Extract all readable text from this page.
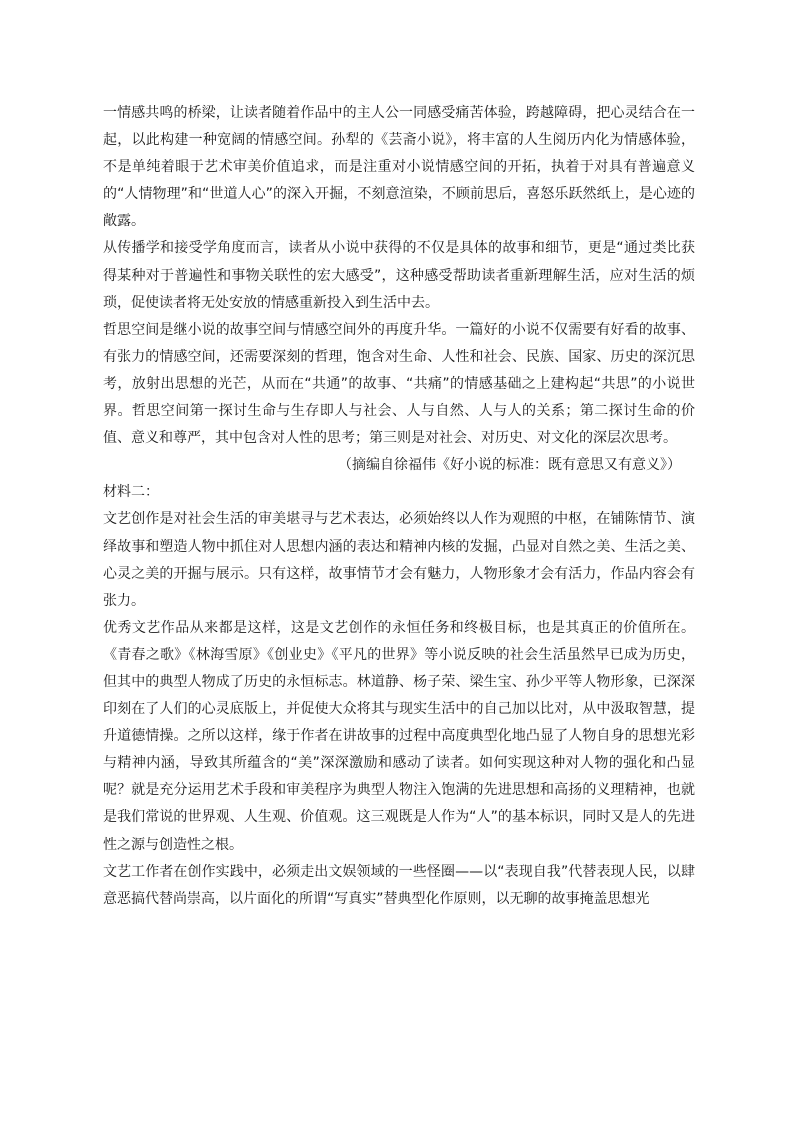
一情感共鸣的桥梁，让读者随着作品中的主人公一同感受痛苦体验，跨越障碍，把心灵结合在一起，以此构建一种宽阔的情感空间。孙犁的《芸斋小说》，将丰富的人生阅历内化为情感体验，不是单纯着眼于艺术审美价值追求，而是注重对小说情感空间的开拓，执着于对具有普遍意义的“人情物理”和“世道人心”的深入开掘，不刻意渲染，不顾前思后，喜怒乐跃然纸上，是心迹的敞露。

从传播学和接受学角度而言，读者从小说中获得的不仅是具体的故事和细节，更是“通过类比获得某种对于普遍性和事物关联性的宏大感受”，这种感受帮助读者重新理解生活，应对生活的烦琐，促使读者将无处安放的情感重新投入到生活中去。

哲思空间是继小说的故事空间与情感空间外的再度升华。一篇好的小说不仅需要有好看的故事、有张力的情感空间，还需要深刻的哲理，饱含对生命、人性和社会、民族、国家、历史的深沉思考，放射出思想的光芒，从而在“共通”的故事、“共痛”的情感基础之上建构起“共思”的小说世界。哲思空间第一探讨生命与生存即人与社会、人与自然、人与人的关系；第二探讨生命的价值、意义和尊严，其中包含对人性的思考；第三则是对社会、对历史、对文化的深层次思考。

（摘编自徐福伟《好小说的标准：既有意思又有意义》）

材料二：

文艺创作是对社会生活的审美堪寻与艺术表达，必须始终以人作为观照的中枢，在铺陈情节、演绎故事和塑造人物中抓住对人思想内涵的表达和精神内核的发掘，凸显对自然之美、生活之美、心灵之美的开掘与展示。只有这样，故事情节才会有魅力，人物形象才会有活力，作品内容会有张力。

优秀文艺作品从来都是这样，这是文艺创作的永恒任务和终极目标，也是其真正的价值所在。《青春之歌》《林海雪原》《创业史》《平凡的世界》等小说反映的社会生活虽然早已成为历史，但其中的典型人物成了历史的永恒标志。林道静、杨子荣、梁生宝、孙少平等人物形象，已深深印刻在了人们的心灵底版上，并促使大众将其与现实生活中的自己加以比对，从中汲取智慧，提升道德情操。之所以这样，缘于作者在讲故事的过程中高度典型化地凸显了人物自身的思想光彩与精神内涵，导致其所蕴含的“美”深深激励和感动了读者。如何实现这种对人物的强化和凸显呢？就是充分运用艺术手段和审美程序为典型人物注入饱满的先进思想和高扬的义理精神，也就是我们常说的世界观、人生观、价值观。这三观既是人作为“人”的基本标识，同时又是人的先进性之源与创造性之根。

文艺工作者在创作实践中，必须走出文娱领域的一些怪圈——以“表现自我”代替表现人民，以肆意恶搞代替尚崇高，以片面化的所谓“写真实”替典型化作原则，以无聊的故事掩盖思想光
